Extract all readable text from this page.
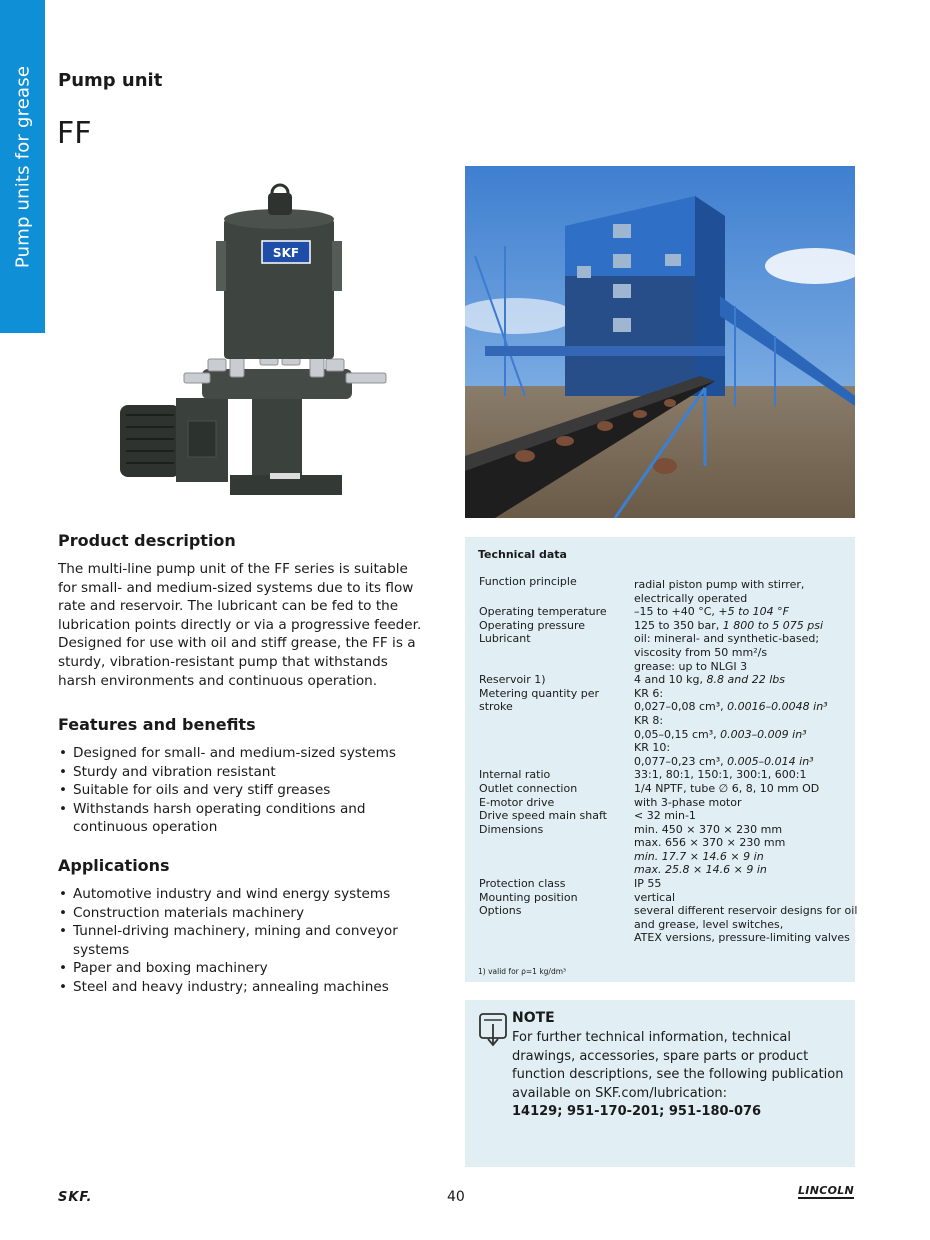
Pump units for grease Pump unit
FF
SKF
Product description
The multi-line pump unit of the FF series is suitable for small- and medium-sized systems due to its flow rate and reservoir. The lubricant can be fed to the lubrication points directly or via a progressive feeder. Designed for use with oil and stiff grease, the FF is a sturdy, vibration-resistant pump that withstands harsh environments and continuous operation.
Features and benefits
• Designed for small- and medium-sized systems
• Sturdy and vibration resistant
• Suitable for oils and very stiff greases
• Withstands harsh operating conditions and continuous operation
Applications
• Automotive industry and wind energy systems
• Construction materials machinery
• Tunnel-driving machinery, mining and conveyor systems
• Paper and boxing machinery
• Steel and heavy industry; annealing machines
Technical data
Function principle	radial piston pump with stirrer,
electrically operated
Operating temperature	–15 to +40 °C, +5 to 104 °F
Operating pressure	125 to 350 bar, 1 800 to 5 075 psi
Lubricant	oil: mineral- and synthetic-based;
viscosity from 50 mm²/s
grease: up to NLGI 3
Reservoir 1)	4 and 10 kg, 8.8 and 22 lbs
Metering quantity per stroke
KR 6:
0,027–0,08 cm³, 0.0016–0.0048 in³
KR 8:
0,05–0,15 cm³, 0.003–0.009 in³
KR 10:
0,077–0,23 cm³, 0.005–0.014 in³
Internal ratio	33:1, 80:1, 150:1, 300:1, 600:1
Outlet connection	1/4 NPTF, tube ∅ 6, 8, 10 mm OD
E-motor drive	with 3-phase motor
Drive speed main shaft	< 32 min-1
Dimensions	min. 450 × 370 × 230 mm
max. 656 × 370 × 230 mm
min. 17.7 × 14.6 × 9 in
max. 25.8 × 14.6 × 9 in
Protection class	IP 55
Mounting position	vertical
Options	several different reservoir designs for oil
and grease, level switches,
ATEX versions, pressure-limiting valves
1) valid for ρ=1 kg/dm³
NOTE
For further technical information, technical drawings, accessories, spare parts or product function descriptions, see the following publication available on SKF.com/lubrication:
14129; 951-170-201; 951-180-076
SKF.	40	LINCOLN
